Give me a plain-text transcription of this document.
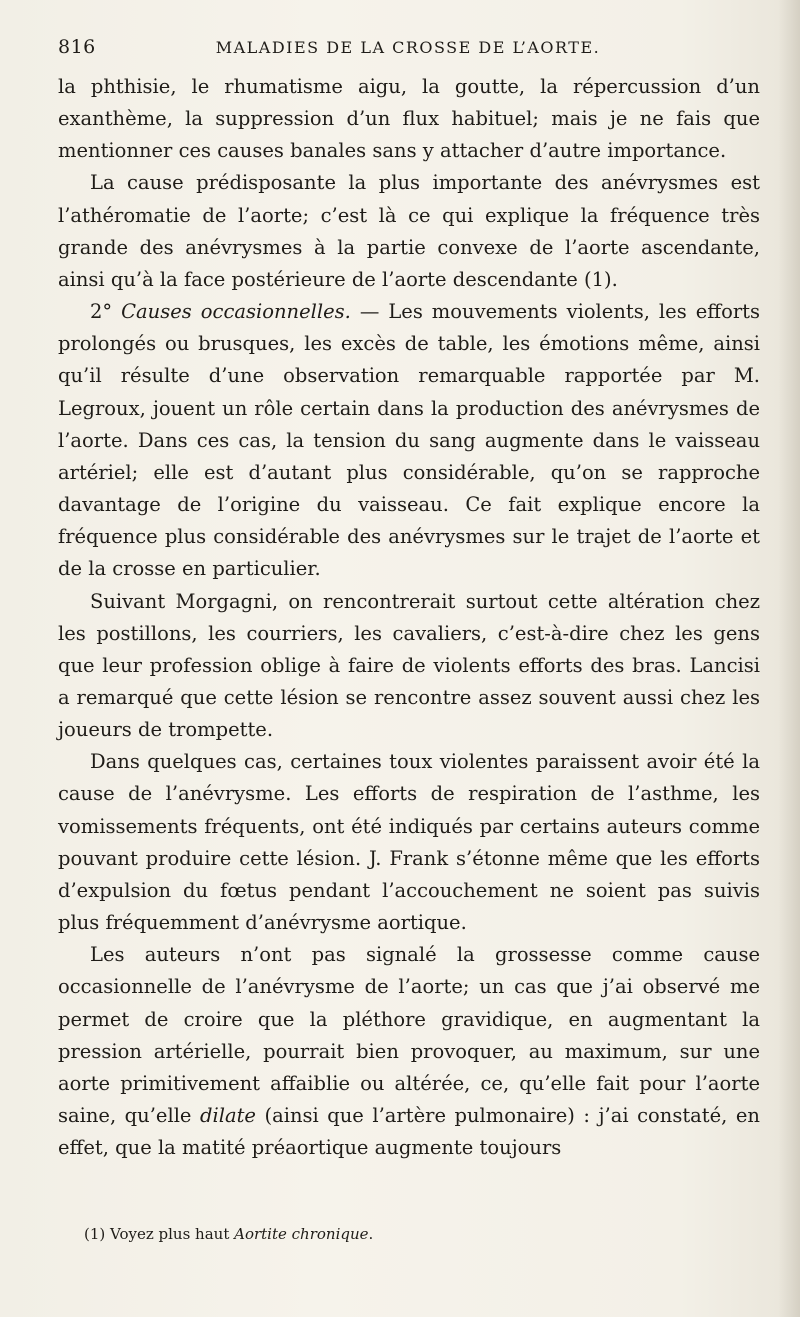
816	MALADIES DE LA CROSSE DE L’AORTE.

la phthisie, le rhumatisme aigu, la goutte, la répercussion d’un exanthème, la suppression d’un flux habituel; mais je ne fais que mentionner ces causes banales sans y attacher d’autre importance.

La cause prédisposante la plus importante des anévrysmes est l’athéromatie de l’aorte; c’est là ce qui explique la fréquence très grande des anévrysmes à la partie convexe de l’aorte ascendante, ainsi qu’à la face postérieure de l’aorte descendante (1).

2° Causes occasionnelles. — Les mouvements violents, les efforts prolongés ou brusques, les excès de table, les émotions même, ainsi qu’il résulte d’une observation remarquable rapportée par M. Legroux, jouent un rôle certain dans la production des anévrysmes de l’aorte. Dans ces cas, la tension du sang augmente dans le vaisseau artériel; elle est d’autant plus considérable, qu’on se rapproche davantage de l’origine du vaisseau. Ce fait explique encore la fréquence plus considérable des anévrysmes sur le trajet de l’aorte et de la crosse en particulier.

Suivant Morgagni, on rencontrerait surtout cette altération chez les postillons, les courriers, les cavaliers, c’est-à-dire chez les gens que leur profession oblige à faire de violents efforts des bras. Lancisi a remarqué que cette lésion se rencontre assez souvent aussi chez les joueurs de trompette.

Dans quelques cas, certaines toux violentes paraissent avoir été la cause de l’anévrysme. Les efforts de respiration de l’asthme, les vomissements fréquents, ont été indiqués par certains auteurs comme pouvant produire cette lésion. J. Frank s’étonne même que les efforts d’expulsion du fœtus pendant l’accouchement ne soient pas suivis plus fréquemment d’anévrysme aortique.

Les auteurs n’ont pas signalé la grossesse comme cause occasionnelle de l’anévrysme de l’aorte; un cas que j’ai observé me permet de croire que la pléthore gravidique, en augmentant la pression artérielle, pourrait bien provoquer, au maximum, sur une aorte primitivement affaiblie ou altérée, ce, qu’elle fait pour l’aorte saine, qu’elle dilate (ainsi que l’artère pulmonaire) : j’ai constaté, en effet, que la matité préaortique augmente toujours

(1) Voyez plus haut Aortite chronique.
